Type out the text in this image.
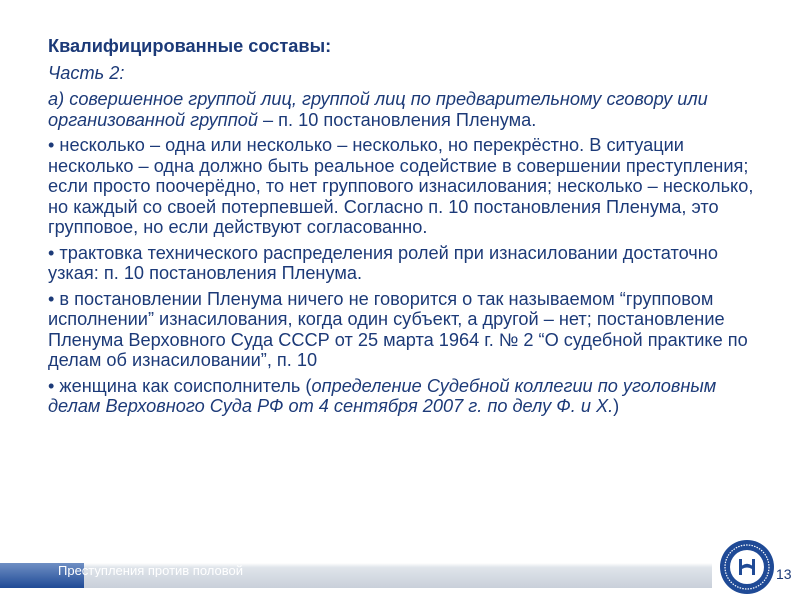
Квалифицированные составы:

Часть 2:

а) совершенное группой лиц, группой лиц по предварительному сговору или организованной группой – п. 10 постановления Пленума.

• несколько – одна или несколько – несколько, но перекрёстно. В ситуации несколько – одна должно быть реальное содействие в совершении преступления; если просто поочерёдно, то нет группового изнасилования; несколько – несколько, но каждый со своей потерпевшей. Согласно п. 10 постановления Пленума, это групповое, но если действуют согласованно.

• трактовка технического распределения ролей при изнасиловании достаточно узкая: п. 10 постановления Пленума.

• в постановлении Пленума ничего не говорится о так называемом “групповом исполнении” изнасилования, когда один субъект, а другой – нет; постановление Пленума Верховного Суда СССР от 25 марта 1964 г. № 2 “О судебной практике по делам об изнасиловании”, п. 10

• женщина как соисполнитель (определение Судебной коллегии по уголовным делам Верховного Суда РФ от 4 сентября 2007 г. по делу Ф. и Х.)

Преступления против половой	13
